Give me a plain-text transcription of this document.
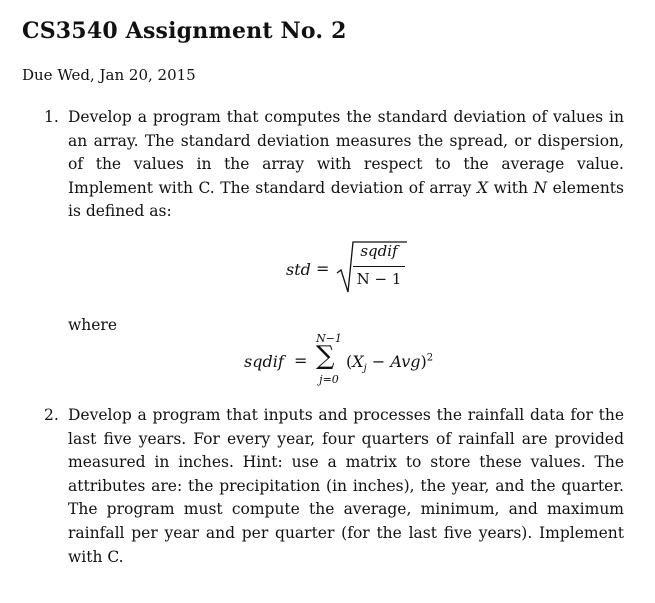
CS3540 Assignment No. 2
Due Wed, Jan 20, 2015
1. Develop a program that computes the standard deviation of values in an array. The standard deviation measures the spread, or dispersion, of the values in the array with respect to the average value. Implement with C. The standard deviation of array X with N elements is defined as:
std =
sqdif
N − 1
where
sqdif =
N−1
∑
j=0
$(X_j - Avg)^2$
2. Develop a program that inputs and processes the rainfall data for the last five years. For every year, four quarters of rainfall are provided measured in inches. Hint: use a matrix to store these values. The attributes are: the precipitation (in inches), the year, and the quarter. The program must compute the average, minimum, and maximum rainfall per year and per quarter (for the last five years). Implement with C.
